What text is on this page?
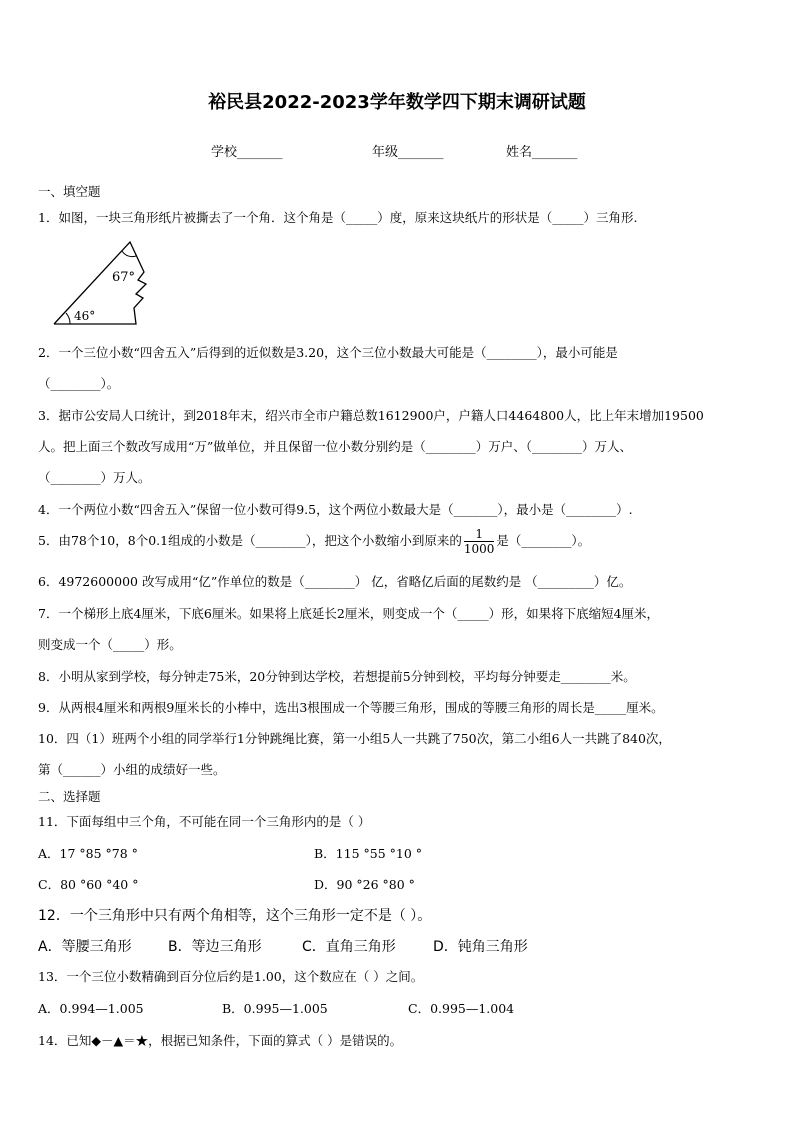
裕民县2022-2023学年数学四下期末调研试题
学校_______	年级_______	姓名_______
一、填空题
1．如图，一块三角形纸片被撕去了一个角．这个角是（_____）度，原来这块纸片的形状是（_____）三角形.
67°
46°
2．一个三位小数“四舍五入”后得到的近似数是3.20，这个三位小数最大可能是（________），最小可能是
（________）。
3．据市公安局人口统计，到2018年末，绍兴市全市户籍总数1612900户，户籍人口4464800人，比上年末增加19500
人。把上面三个数改写成用“万”做单位，并且保留一位小数分别约是（________）万户、（________）万人、
（________）万人。
4．一个两位小数“四舍五入”保留一位小数可得9.5，这个两位小数最大是（_______），最小是（________）.
5．由78个10，8个0.1组成的小数是（________），把这个小数缩小到原来的 $\frac{1}{1000}$ 是（________）。
6．4972600000 改写成用“亿”作单位的数是（________） 亿，省略亿后面的尾数约是 （_________）亿。
7．一个梯形上底4厘米，下底6厘米。如果将上底延长2厘米，则变成一个（_____）形，如果将下底缩短4厘米，
则变成一个（_____）形。
8．小明从家到学校，每分钟走75米，20分钟到达学校，若想提前5分钟到校，平均每分钟要走________米。
9．从两根4厘米和两根9厘米长的小棒中，选出3根围成一个等腰三角形，围成的等腰三角形的周长是_____厘米。
10．四（1）班两个小组的同学举行1分钟跳绳比赛，第一小组5人一共跳了750次，第二小组6人一共跳了840次，
第（______）小组的成绩好一些。
二、选择题
11．下面每组中三个角，不可能在同一个三角形内的是（ ）
A．17 °85 °78 °	B．115 °55 °10 °
C．80 °60 °40 °	D．90 °26 °80 °
12．一个三角形中只有两个角相等，这个三角形一定不是（ ）。
A．等腰三角形	B．等边三角形	C．直角三角形	D．钝角三角形
13．一个三位小数精确到百分位后约是1.00，这个数应在（ ）之间。
A．0.994—1.005	B．0.995—1.005	C．0.995—1.004
14．已知◆－▲＝★，根据已知条件，下面的算式（ ）是错误的。
